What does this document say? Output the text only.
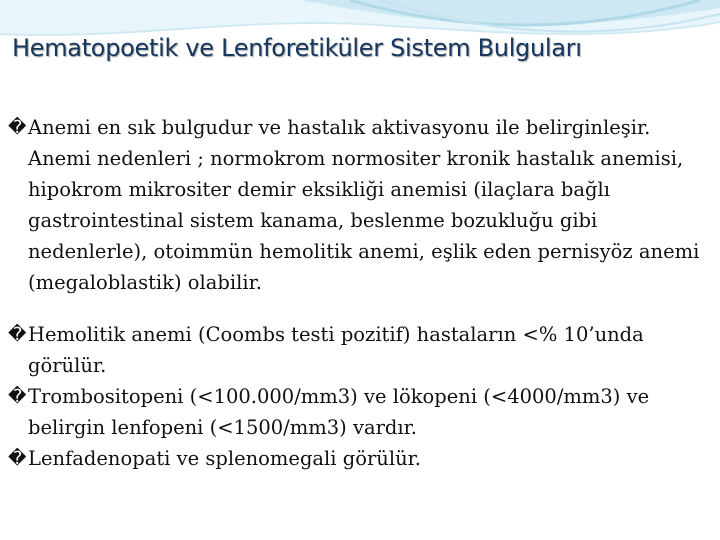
Hematopoetik ve Lenforetiküler Sistem Bulguları

� Anemi en sık bulgudur ve hastalık aktivasyonu ile belirginleşir. Anemi nedenleri ; normokrom normositer kronik hastalık anemisi, hipokrom mikrositer demir eksikliği anemisi (ilaçlara bağlı gastrointestinal sistem kanama, beslenme bozukluğu gibi nedenlerle), otoimmün hemolitik anemi, eşlik eden pernisyöz anemi (megaloblastik) olabilir.

� Hemolitik anemi (Coombs testi pozitif) hastaların <% 10’unda görülür.

� Trombositopeni (<100.000/mm3) ve lökopeni (<4000/mm3) ve belirgin lenfopeni (<1500/mm3) vardır.

� Lenfadenopati ve splenomegali görülür.
